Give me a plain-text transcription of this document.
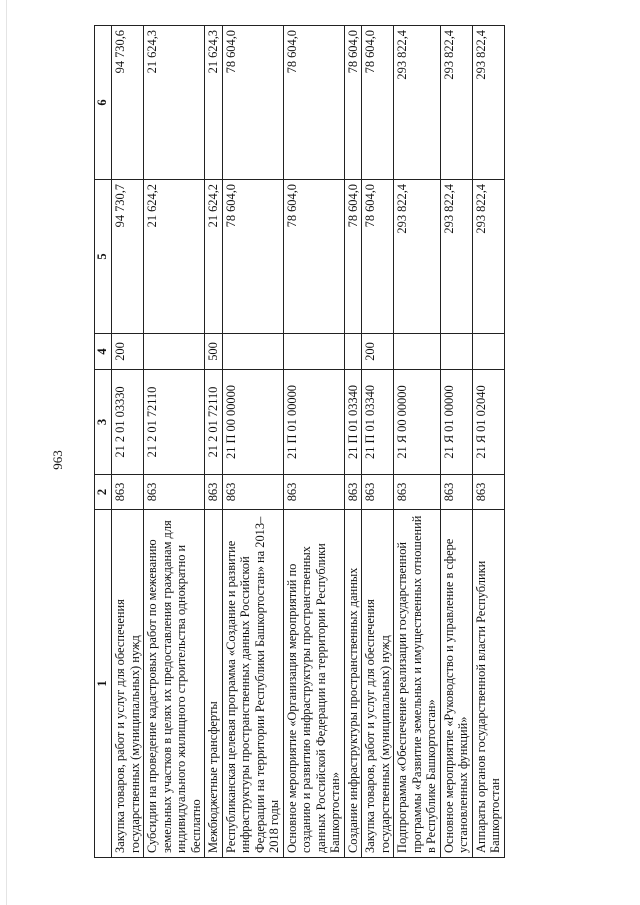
963
1	2	3	4	5	6
Закупка товаров, работ и услуг для обеспечения государственных (муниципальных) нужд	863	21 2 01 03330	200	94 730,7	94 730,6
Субсидии на проведение кадастровых работ по межеванию земельных участков в целях их предоставления гражданам для индивидуального жилищного строительства однократно и бесплатно	863	21 2 01 72110		21 624,2	21 624,3
Межбюджетные трансферты	863	21 2 01 72110	500	21 624,2	21 624,3
Республиканская целевая программа «Создание и развитие инфраструктуры пространственных данных Российской Федерации на территории Республики Башкортостан» на 2013–2018 годы	863	21 П 00 00000		78 604,0	78 604,0
Основное мероприятие «Организация мероприятий по созданию и развитию инфраструктуры пространственных данных Российской Федерации на территории Республики Башкортостан»	863	21 П 01 00000		78 604,0	78 604,0
Создание инфраструктуры пространственных данных	863	21 П 01 03340		78 604,0	78 604,0
Закупка товаров, работ и услуг для обеспечения государственных (муниципальных) нужд	863	21 П 01 03340	200	78 604,0	78 604,0
Подпрограмма «Обеспечение реализации государственной программы «Развитие земельных и имущественных отношений в Республике Башкортостан»	863	21 Я 00 00000		293 822,4	293 822,4
Основное мероприятие «Руководство и управление в сфере установленных функций»	863	21 Я 01 00000		293 822,4	293 822,4
Аппараты органов государственной власти Республики Башкортостан	863	21 Я 01 02040		293 822,4	293 822,4
